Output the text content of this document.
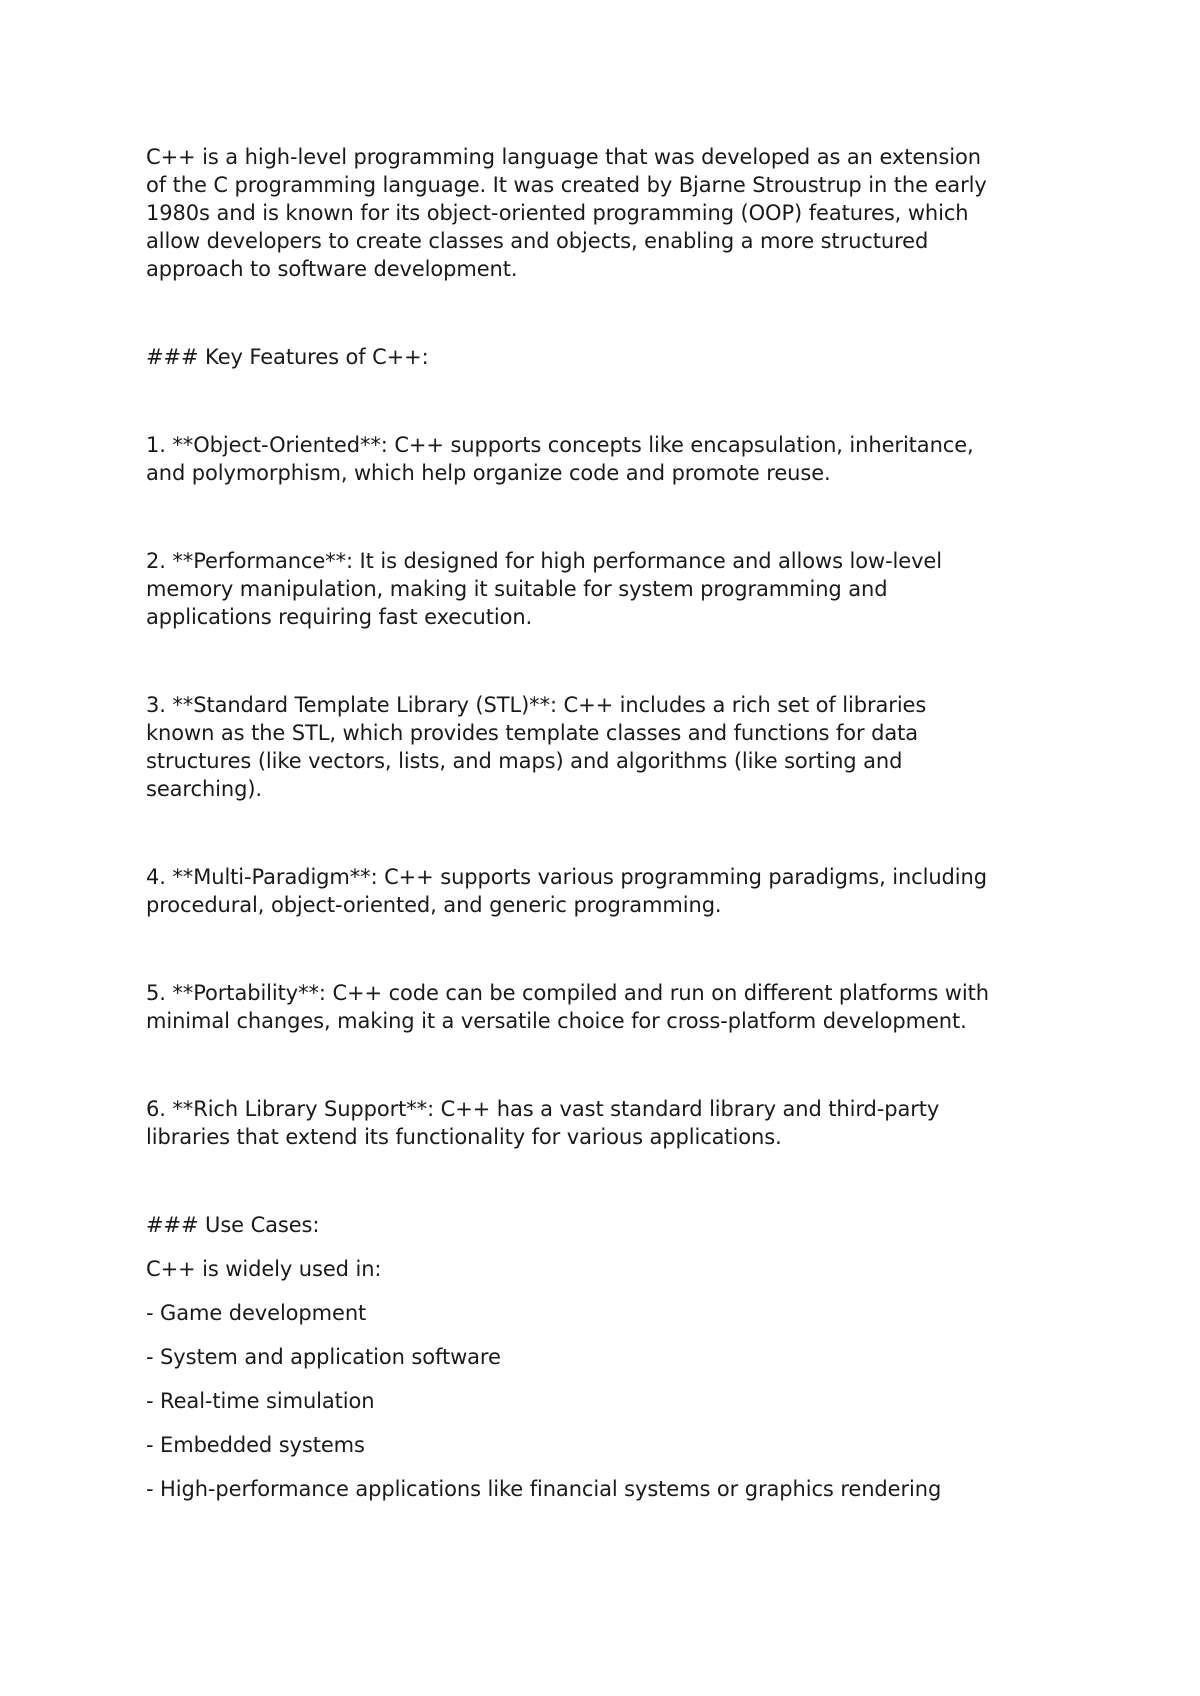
C++ is a high-level programming language that was developed as an extension
of the C programming language. It was created by Bjarne Stroustrup in the early
1980s and is known for its object-oriented programming (OOP) features, which
allow developers to create classes and objects, enabling a more structured
approach to software development.

### Key Features of C++:

1. **Object-Oriented**: C++ supports concepts like encapsulation, inheritance,
and polymorphism, which help organize code and promote reuse.

2. **Performance**: It is designed for high performance and allows low-level
memory manipulation, making it suitable for system programming and
applications requiring fast execution.

3. **Standard Template Library (STL)**: C++ includes a rich set of libraries
known as the STL, which provides template classes and functions for data
structures (like vectors, lists, and maps) and algorithms (like sorting and
searching).

4. **Multi-Paradigm**: C++ supports various programming paradigms, including
procedural, object-oriented, and generic programming.

5. **Portability**: C++ code can be compiled and run on different platforms with
minimal changes, making it a versatile choice for cross-platform development.

6. **Rich Library Support**: C++ has a vast standard library and third-party
libraries that extend its functionality for various applications.

### Use Cases:

C++ is widely used in:

- Game development

- System and application software

- Real-time simulation

- Embedded systems

- High-performance applications like financial systems or graphics rendering
